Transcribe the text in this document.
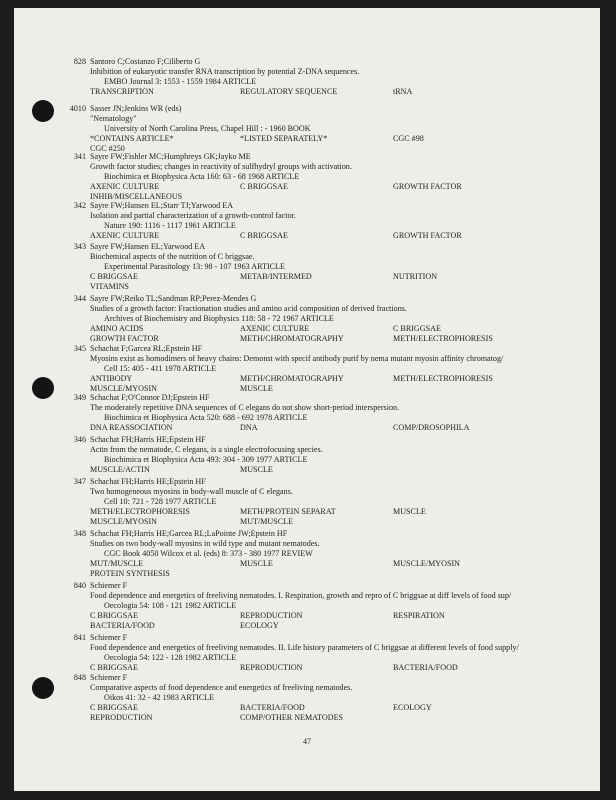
828 Santoro C;Costanzo F;Ciliberto G
Inhibition of eukaryotic transfer RNA transcription by potential Z-DNA sequences.
EMBO Journal 3: 1553 - 1559 1984 ARTICLE
TRANSCRIPTION	REGULATORY SEQUENCE	tRNA
4010 Sasser JN;Jenkins WR (eds)
"Nematology"
University of North Carolina Press, Chapel Hill : - 1960 BOOK
*CONTAINS ARTICLE*	*LISTED SEPARATELY*	CGC #98
CGC #250
341 Sayre FW;Fishler MC;Humphreys GK;Jayko ME
Growth factor studies; changes in reactivity of sulfhydryl groups with activation.
Biochimica et Biophysica Acta 160: 63 - 68 1968 ARTICLE
AXENIC CULTURE	C BRIGGSAE	GROWTH FACTOR
INHIB/MISCELLANEOUS
342 Sayre FW;Hansen EL;Starr TJ;Yarwood EA
Isolation and partial characterization of a growth-control factor.
Nature 190: 1116 - 1117 1961 ARTICLE
AXENIC CULTURE	C BRIGGSAE	GROWTH FACTOR
343 Sayre FW;Hansen EL;Yarwood EA
Biochemical aspects of the nutrition of C briggsae.
Experimental Parasitology 13: 98 - 107 1963 ARTICLE
C BRIGGSAE	METAB/INTERMED	NUTRITION
VITAMINS
344 Sayre FW;Reiko TL;Sandman RP;Perez-Mendes G
Studies of a growth factor: Fractionation studies and amino acid composition of derived fractions.
Archives of Biochemistry and Biophysics 118: 58 - 72 1967 ARTICLE
AMINO ACIDS	AXENIC CULTURE	C BRIGGSAE
GROWTH FACTOR	METH/CHROMATOGRAPHY	METH/ELECTROPHORESIS
345 Schachat F;Garcea RL;Epstein HF
Myosins exist as homodimers of heavy chains: Demonst with specif antibody purif by nema mutant myosin affinity chromatog/
Cell 15: 405 - 411 1978 ARTICLE
ANTIBODY	METH/CHROMATOGRAPHY	METH/ELECTROPHORESIS
MUSCLE/MYOSIN	MUSCLE
349 Schachat F;O'Connor DJ;Epstein HF
The moderately repetitive DNA sequences of C elegans do not show short-period interspersion.
Biochimica et Biophysica Acta 520: 688 - 692 1978 ARTICLE
DNA REASSOCIATION	DNA	COMP/DROSOPHILA
346 Schachat FH;Harris HE;Epstein HF
Actin from the nematode, C elegans, is a single electrofocusing species.
Biochimica et Biophysica Acta 493: 304 - 309 1977 ARTICLE
MUSCLE/ACTIN	MUSCLE
347 Schachat FH;Harris HE;Epstein HF
Two homogeneous myosins in body-wall muscle of C elegans.
Cell 10: 721 - 728 1977 ARTICLE
METH/ELECTROPHORESIS	METH/PROTEIN SEPARAT	MUSCLE
MUSCLE/MYOSIN	MUT/MUSCLE
348 Schachat FH;Harris HE;Garcea RL;LaPointe JW;Epstein HF
Studies on two body-wall myosins in wild type and mutant nematodes.
CGC Book 4050 Wilcox et al. (eds) 8: 373 - 380 1977 REVIEW
MUT/MUSCLE	MUSCLE	MUSCLE/MYOSIN
PROTEIN SYNTHESIS
840 Schiemer F
Food dependence and energetics of freeliving nematodes. I. Respiration, growth and repro of C briggsae at diff levels of food sup/
Oecologia 54: 108 - 121 1982 ARTICLE
C BRIGGSAE	REPRODUCTION	RESPIRATION
BACTERIA/FOOD	ECOLOGY
841 Schiemer F
Food dependence and energetics of freeliving nematodes. II. Life history parameters of C briggsae at different levels of food supply/
Oecologia 54: 122 - 128 1982 ARTICLE
C BRIGGSAE	REPRODUCTION	BACTERIA/FOOD
848 Schiemer F
Comparative aspects of food dependence and energetics of freeliving nematodes.
Oikos 41: 32 - 42 1983 ARTICLE
C BRIGGSAE	BACTERIA/FOOD	ECOLOGY
REPRODUCTION	COMP/OTHER NEMATODES
47
